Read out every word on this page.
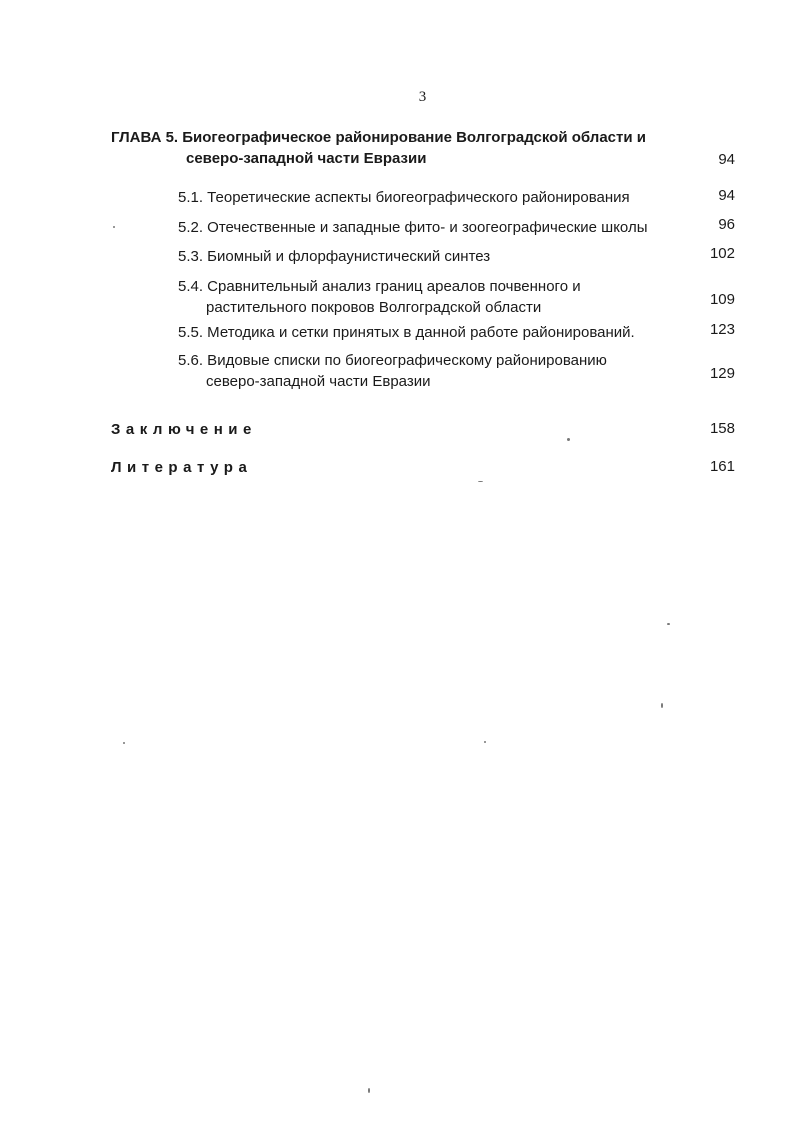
3
ГЛАВА 5. Биогеографическое районирование Волгоградской области и
северо-западной части Евразии	94
5.1. Теоретические аспекты биогеографического районирования	94
5.2. Отечественные и западные фито- и зоогеографические школы	96
5.3. Биомный и флорфаунистический синтез	102
5.4. Сравнительный анализ границ ареалов почвенного и
растительного покровов Волгоградской области	109
5.5. Методика и сетки принятых в данной работе районирований.	123
5.6. Видовые списки по биогеографическому районированию
северо-западной части Евразии	129
Заключение	158
Литература	161
